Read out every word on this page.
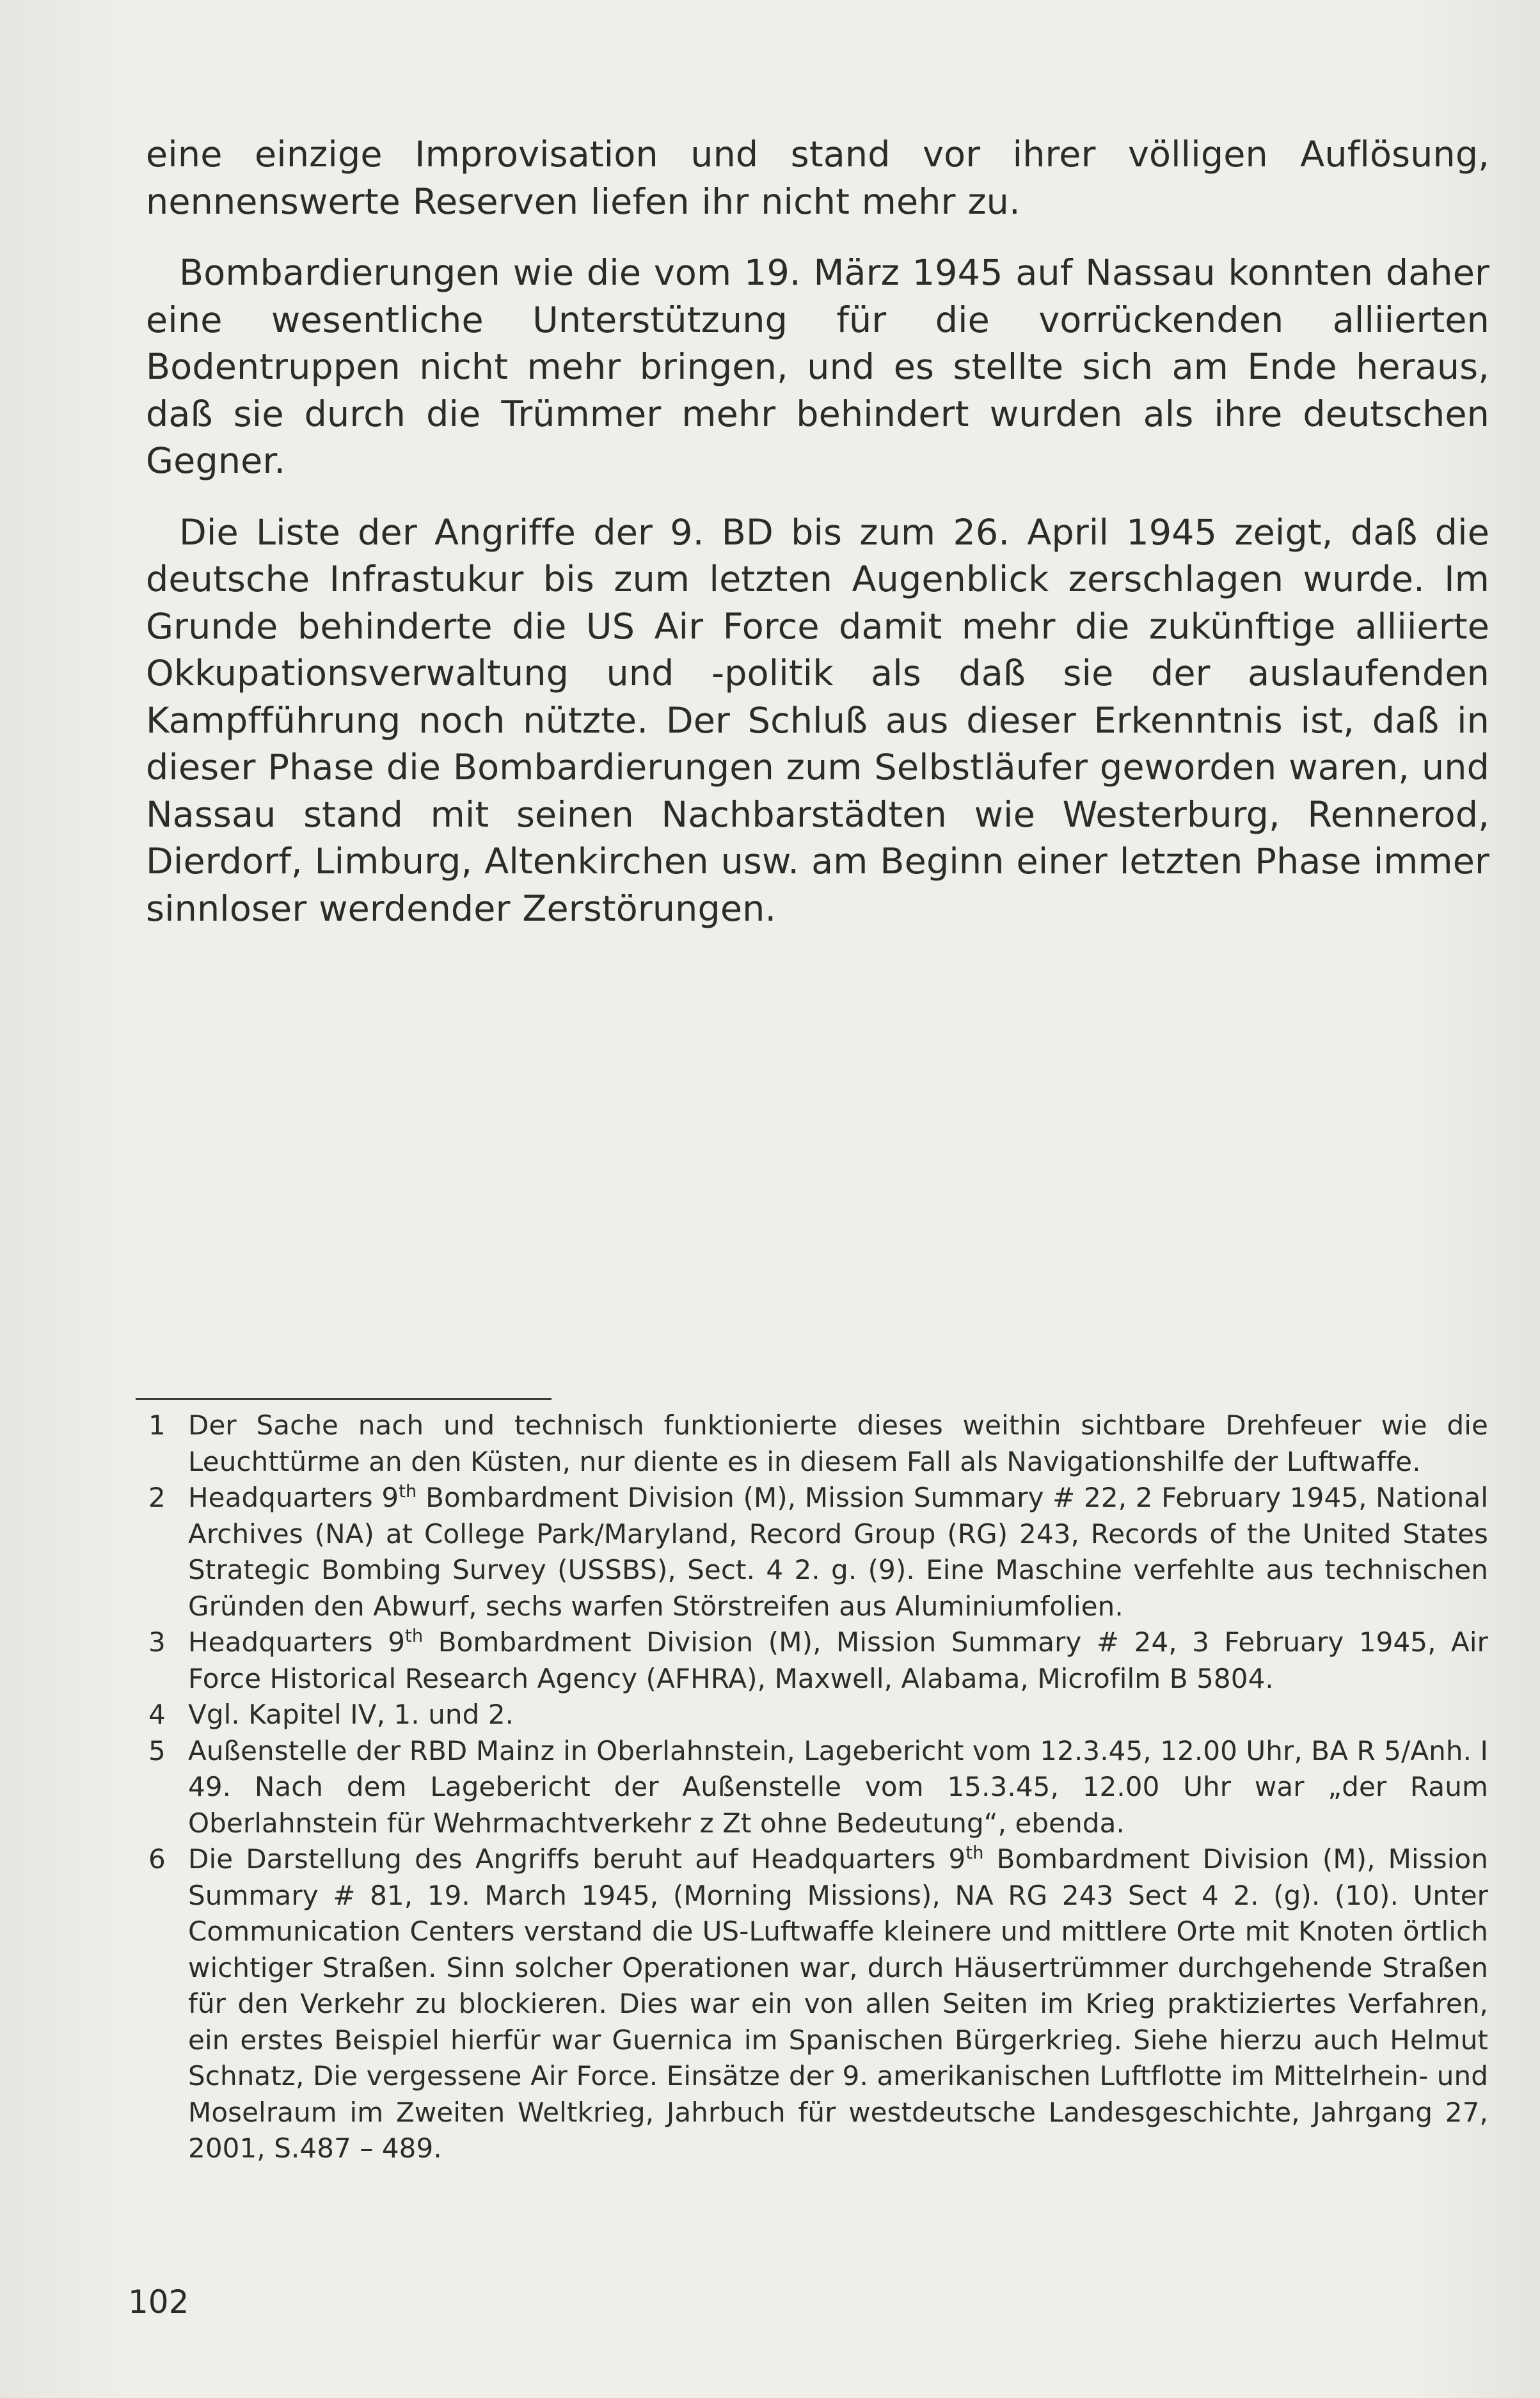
eine einzige Improvisation und stand vor ihrer völligen Auflösung, nennenswerte Reserven liefen ihr nicht mehr zu.

Bombardierungen wie die vom 19. März 1945 auf Nassau konnten daher eine wesentliche Unterstützung für die vorrückenden alliierten Bodentruppen nicht mehr bringen, und es stellte sich am Ende heraus, daß sie durch die Trümmer mehr behindert wurden als ihre deutschen Gegner.

Die Liste der Angriffe der 9. BD bis zum 26. April 1945 zeigt, daß die deutsche Infrastukur bis zum letzten Augenblick zerschlagen wurde. Im Grunde behinderte die US Air Force damit mehr die zukünftige alliierte Okkupationsverwaltung und -politik als daß sie der auslaufenden Kampfführung noch nützte. Der Schluß aus dieser Erkenntnis ist, daß in dieser Phase die Bombardierungen zum Selbstläufer geworden waren, und Nassau stand mit seinen Nachbarstädten wie Westerburg, Rennerod, Dierdorf, Limburg, Altenkirchen usw. am Beginn einer letzten Phase immer sinnloser werdender Zerstörungen.

1 Der Sache nach und technisch funktionierte dieses weithin sichtbare Drehfeuer wie die Leuchttürme an den Küsten, nur diente es in diesem Fall als Navigationshilfe der Luftwaffe.
2 Headquarters 9th Bombardment Division (M), Mission Summary # 22, 2 February 1945, National Archives (NA) at College Park/Maryland, Record Group (RG) 243, Records of the United States Strategic Bombing Survey (USSBS), Sect. 4 2. g. (9). Eine Maschine verfehlte aus technischen Gründen den Abwurf, sechs warfen Störstreifen aus Aluminiumfolien.
3 Headquarters 9th Bombardment Division (M), Mission Summary # 24, 3 February 1945, Air Force Historical Research Agency (AFHRA), Maxwell, Alabama, Microfilm B 5804.
4 Vgl. Kapitel IV, 1. und 2.
5 Außenstelle der RBD Mainz in Oberlahnstein, Lagebericht vom 12.3.45, 12.00 Uhr, BA R 5/Anh. I 49. Nach dem Lagebericht der Außenstelle vom 15.3.45, 12.00 Uhr war „der Raum Oberlahnstein für Wehrmachtverkehr z Zt ohne Bedeutung“, ebenda.
6 Die Darstellung des Angriffs beruht auf Headquarters 9th Bombardment Division (M), Mission Summary # 81, 19. March 1945, (Morning Missions), NA RG 243 Sect 4 2. (g). (10). Unter Communication Centers verstand die US-Luftwaffe kleinere und mittlere Orte mit Knoten örtlich wichtiger Straßen. Sinn solcher Operationen war, durch Häusertrümmer durchgehende Straßen für den Verkehr zu blockieren. Dies war ein von allen Seiten im Krieg praktiziertes Verfahren, ein erstes Beispiel hierfür war Guernica im Spanischen Bürgerkrieg. Siehe hierzu auch Helmut Schnatz, Die vergessene Air Force. Einsätze der 9. amerikanischen Luftflotte im Mittelrhein- und Moselraum im Zweiten Weltkrieg, Jahrbuch für westdeutsche Landesgeschichte, Jahrgang 27, 2001, S.487 – 489.
102
